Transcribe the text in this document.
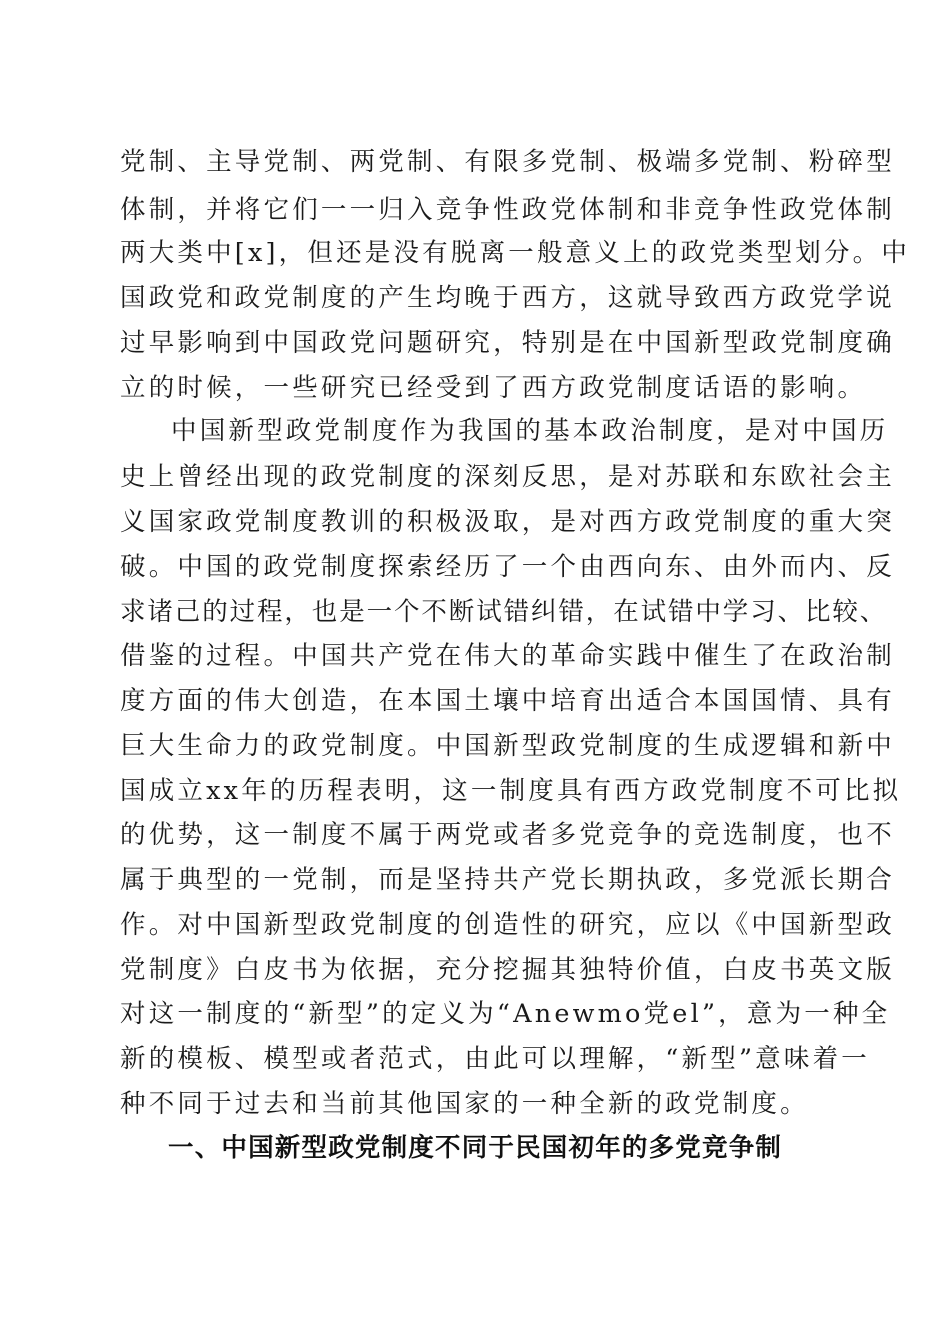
党制、主导党制、两党制、有限多党制、极端多党制、粉碎型
体制，并将它们一一归入竞争性政党体制和非竞争性政党体制
两大类中[x]，但还是没有脱离一般意义上的政党类型划分。中
国政党和政党制度的产生均晚于西方，这就导致西方政党学说
过早影响到中国政党问题研究，特别是在中国新型政党制度确
立的时候，一些研究已经受到了西方政党制度话语的影响。
中国新型政党制度作为我国的基本政治制度，是对中国历
史上曾经出现的政党制度的深刻反思，是对苏联和东欧社会主
义国家政党制度教训的积极汲取，是对西方政党制度的重大突
破。中国的政党制度探索经历了一个由西向东、由外而内、反
求诸己的过程，也是一个不断试错纠错，在试错中学习、比较、
借鉴的过程。中国共产党在伟大的革命实践中催生了在政治制
度方面的伟大创造，在本国土壤中培育出适合本国国情、具有
巨大生命力的政党制度。中国新型政党制度的生成逻辑和新中
国成立xx年的历程表明，这一制度具有西方政党制度不可比拟
的优势，这一制度不属于两党或者多党竞争的竞选制度，也不
属于典型的一党制，而是坚持共产党长期执政，多党派长期合
作。对中国新型政党制度的创造性的研究，应以《中国新型政
党制度》白皮书为依据，充分挖掘其独特价值，白皮书英文版
对这一制度的“新型”的定义为“Anewmo党el”，意为一种全
新的模板、模型或者范式，由此可以理解，“新型”意味着一
种不同于过去和当前其他国家的一种全新的政党制度。
一、中国新型政党制度不同于民国初年的多党竞争制
